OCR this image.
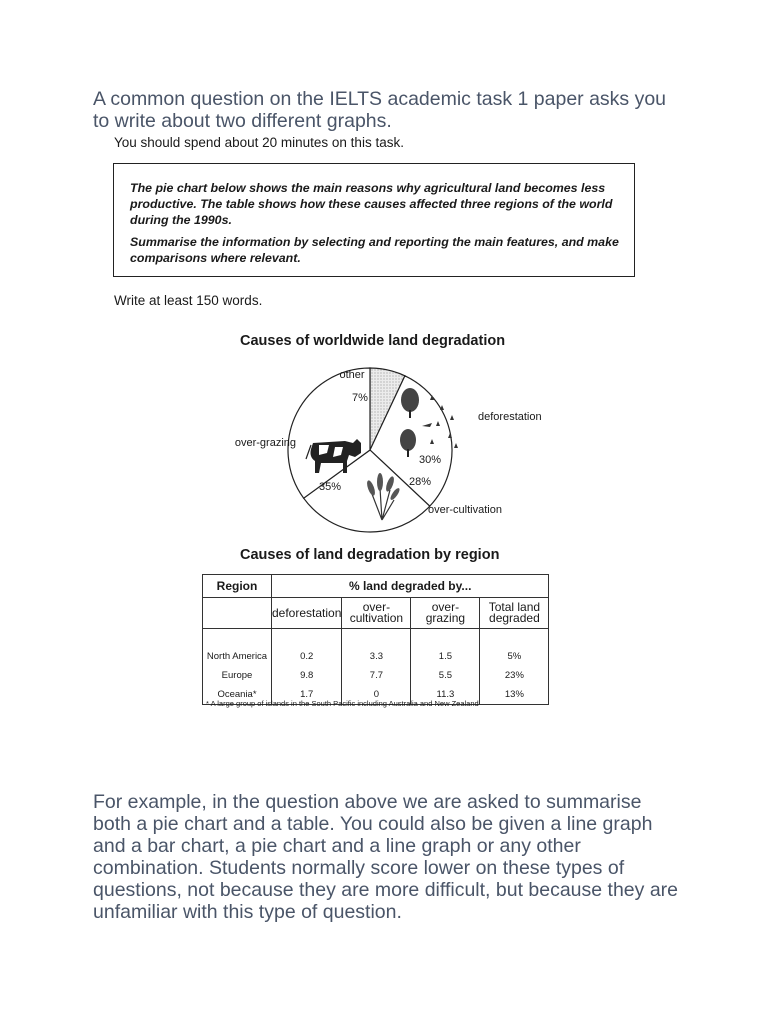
A common question on the IELTS academic task 1 paper asks you to write about two different graphs.

You should spend about 20 minutes on this task.

The pie chart below shows the main reasons why agricultural land becomes less productive. The table shows how these causes affected three regions of the world during the 1990s.

Summarise the information by selecting and reporting the main features, and make comparisons where relevant.

Write at least 150 words.
Causes of worldwide land degradation
other
7%
deforestation
30%
over-cultivation
28%
over-grazing
35%
Causes of land degradation by region
Region	% land degraded by...			
	deforestation	over- cultivation	over- grazing	Total land degraded
North America	0.2	3.3	1.5	5%
Europe	9.8	7.7	5.5	23%
Oceania*	1.7	0	11.3	13%
* A large group of islands in the South Pacific including Australia and New Zealand

For example, in the question above we are asked to summarise both a pie chart and a table. You could also be given a line graph and a bar chart, a pie chart and a line graph or any other combination. Students normally score lower on these types of questions, not because they are more difficult, but because they are unfamiliar with this type of question.
